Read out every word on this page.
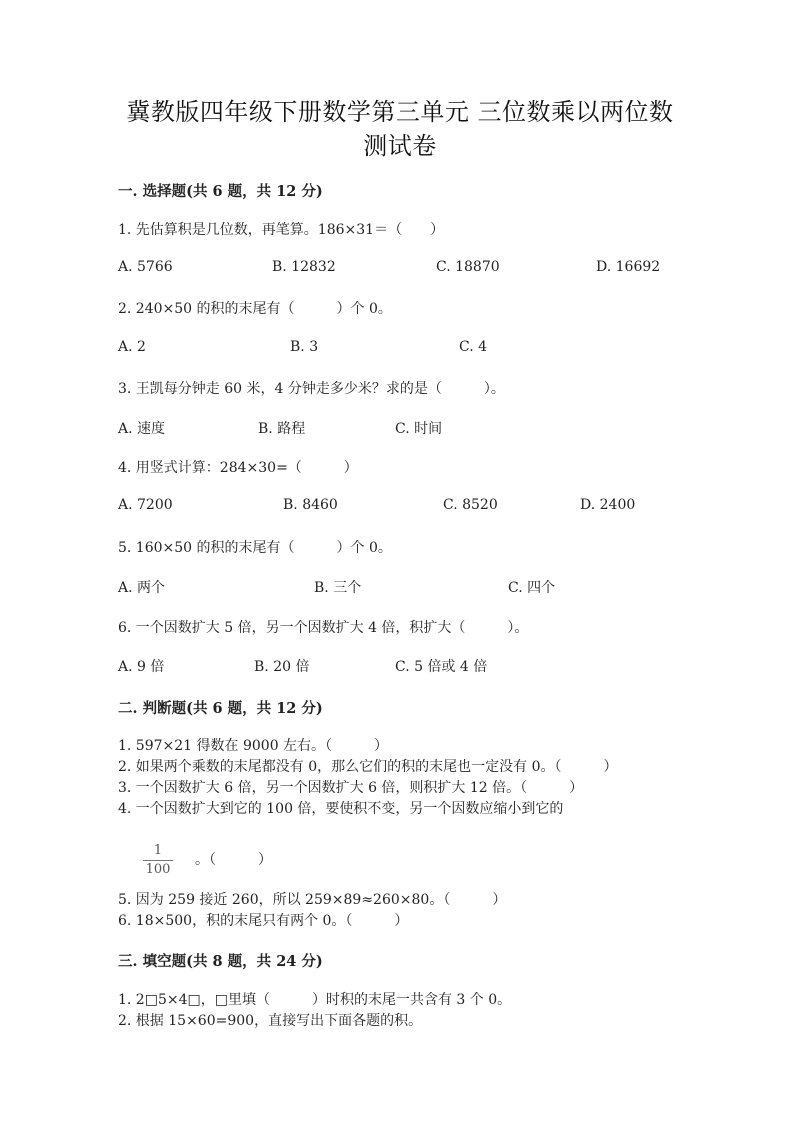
冀教版四年级下册数学第三单元 三位数乘以两位数
测试卷
一. 选择题(共 6 题，共 12 分)
1. 先估算积是几位数，再笔算。186×31＝（　　）
A. 5766	B. 12832	C. 18870	D. 16692
2. 240×50 的积的末尾有（　　　）个 0。
A. 2	B. 3	C. 4
3. 王凯每分钟走 60 米，4 分钟走多少米？求的是（　　　）。
A. 速度	B. 路程	C. 时间
4. 用竖式计算：284×30=（　　　）
A. 7200	B. 8460	C. 8520	D. 2400
5. 160×50 的积的末尾有（　　　）个 0。
A. 两个	B. 三个	C. 四个
6. 一个因数扩大 5 倍，另一个因数扩大 4 倍，积扩大（　　　）。
A. 9 倍	B. 20 倍	C. 5 倍或 4 倍
二. 判断题(共 6 题，共 12 分)
1. 597×21 得数在 9000 左右。（　　　）
2. 如果两个乘数的末尾都没有 0，那么它们的积的末尾也一定没有 0。（　　　）
3. 一个因数扩大 6 倍，另一个因数扩大 6 倍，则积扩大 12 倍。（　　　）
4. 一个因数扩大到它的 100 倍，要使积不变，另一个因数应缩小到它的
1
100
。（　　　）
5. 因为 259 接近 260，所以 259×89≈260×80。（　　　）
6. 18×500，积的末尾只有两个 0。（　　　）
三. 填空题(共 8 题，共 24 分)
1. 2□5×4□，□里填（　　　）时积的末尾一共含有 3 个 0。
2. 根据 15×60=900，直接写出下面各题的积。
